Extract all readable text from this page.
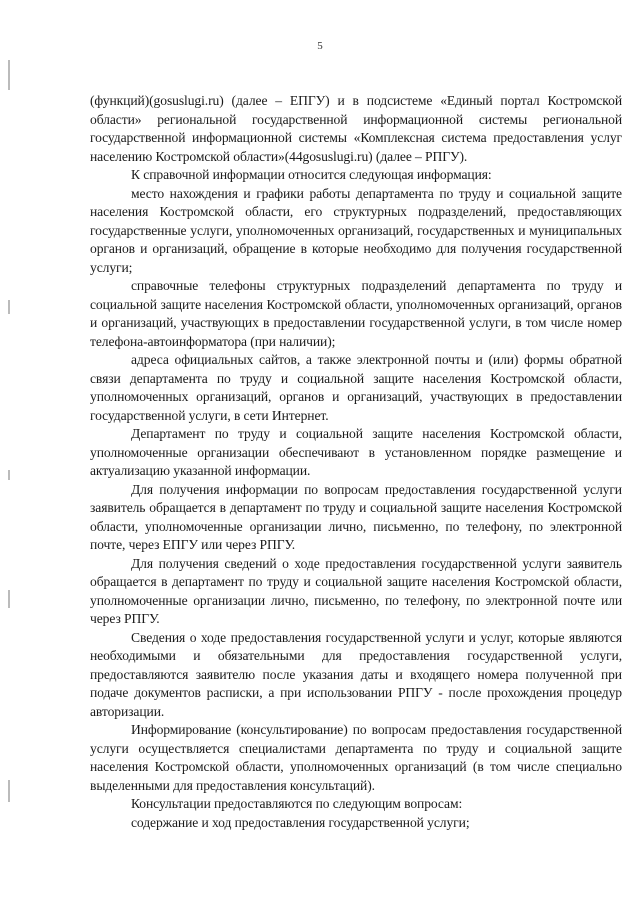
5

(функций)(gosuslugi.ru) (далее – ЕПГУ) и в подсистеме «Единый портал Костромской области» региональной государственной информационной системы региональной государственной информационной системы «Комплексная система предоставления услуг населению Костромской области»(44gosuslugi.ru) (далее – РПГУ).

К справочной информации относится следующая информация:

место нахождения и графики работы департамента по труду и социальной защите населения Костромской области, его структурных подразделений, предоставляющих государственные услуги, уполномоченных организаций, государственных и муниципальных органов и организаций, обращение в которые необходимо для получения государственной услуги;

справочные телефоны структурных подразделений департамента по труду и социальной защите населения Костромской области, уполномоченных организаций, органов и организаций, участвующих в предоставлении государственной услуги, в том числе номер телефона-автоинформатора (при наличии);

адреса официальных сайтов, а также электронной почты и (или) формы обратной связи департамента по труду и социальной защите населения Костромской области, уполномоченных организаций, органов и организаций, участвующих в предоставлении государственной услуги, в сети Интернет.

Департамент по труду и социальной защите населения Костромской области, уполномоченные организации обеспечивают в установленном порядке размещение и актуализацию указанной информации.

Для получения информации по вопросам предоставления государственной услуги заявитель обращается в департамент по труду и социальной защите населения Костромской области, уполномоченные организации лично, письменно, по телефону, по электронной почте, через ЕПГУ или через РПГУ.

Для получения сведений о ходе предоставления государственной услуги заявитель обращается в департамент по труду и социальной защите населения Костромской области, уполномоченные организации лично, письменно, по телефону, по электронной почте или через РПГУ.

Сведения о ходе предоставления государственной услуги и услуг, которые являются необходимыми и обязательными для предоставления государственной услуги, предоставляются заявителю после указания даты и входящего номера полученной при подаче документов расписки, а при использовании РПГУ - после прохождения процедур авторизации.

Информирование (консультирование) по вопросам предоставления государственной услуги осуществляется специалистами департамента по труду и социальной защите населения Костромской области, уполномоченных организаций (в том числе специально выделенными для предоставления консультаций).

Консультации предоставляются по следующим вопросам:

содержание и ход предоставления государственной услуги;
